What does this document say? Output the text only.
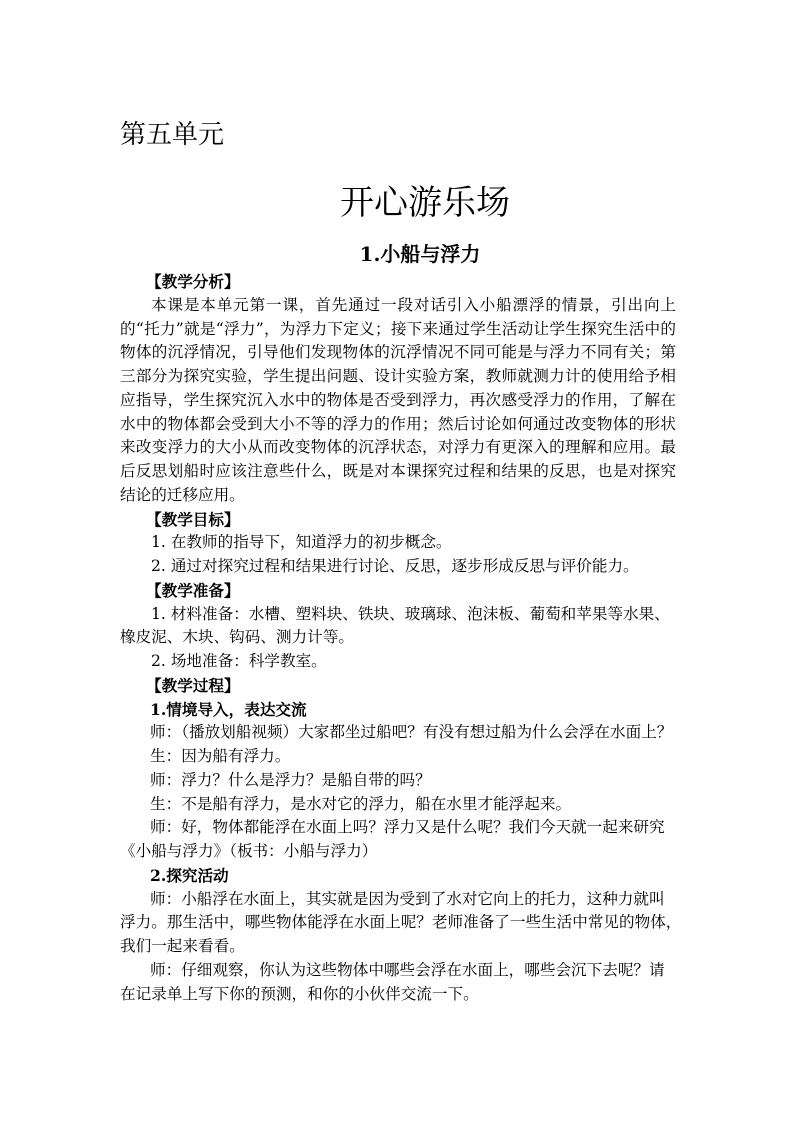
第五单元
开心游乐场
1.小船与浮力

【教学分析】

本课是本单元第一课，首先通过一段对话引入小船漂浮的情景，引出向上的“托力”就是“浮力”，为浮力下定义；接下来通过学生活动让学生探究生活中的物体的沉浮情况，引导他们发现物体的沉浮情况不同可能是与浮力不同有关；第三部分为探究实验，学生提出问题、设计实验方案，教师就测力计的使用给予相应指导，学生探究沉入水中的物体是否受到浮力，再次感受浮力的作用，了解在水中的物体都会受到大小不等的浮力的作用；然后讨论如何通过改变物体的形状来改变浮力的大小从而改变物体的沉浮状态，对浮力有更深入的理解和应用。最后反思划船时应该注意些什么，既是对本课探究过程和结果的反思，也是对探究结论的迁移应用。

【教学目标】

1. 在教师的指导下，知道浮力的初步概念。

2. 通过对探究过程和结果进行讨论、反思，逐步形成反思与评价能力。

【教学准备】

1. 材料准备：水槽、塑料块、铁块、玻璃球、泡沫板、葡萄和苹果等水果、

橡皮泥、木块、钩码、测力计等。

2. 场地准备：科学教室。

【教学过程】

1.情境导入，表达交流

师：（播放划船视频）大家都坐过船吧？有没有想过船为什么会浮在水面上？

生：因为船有浮力。

师：浮力？什么是浮力？是船自带的吗？

生：不是船有浮力，是水对它的浮力，船在水里才能浮起来。

师：好，物体都能浮在水面上吗？浮力又是什么呢？我们今天就一起来研究

《小船与浮力》（板书：小船与浮力）

2.探究活动

师：小船浮在水面上，其实就是因为受到了水对它向上的托力，这种力就叫

浮力。那生活中，哪些物体能浮在水面上呢？老师准备了一些生活中常见的物体，

我们一起来看看。

师：仔细观察，你认为这些物体中哪些会浮在水面上，哪些会沉下去呢？请

在记录单上写下你的预测，和你的小伙伴交流一下。
